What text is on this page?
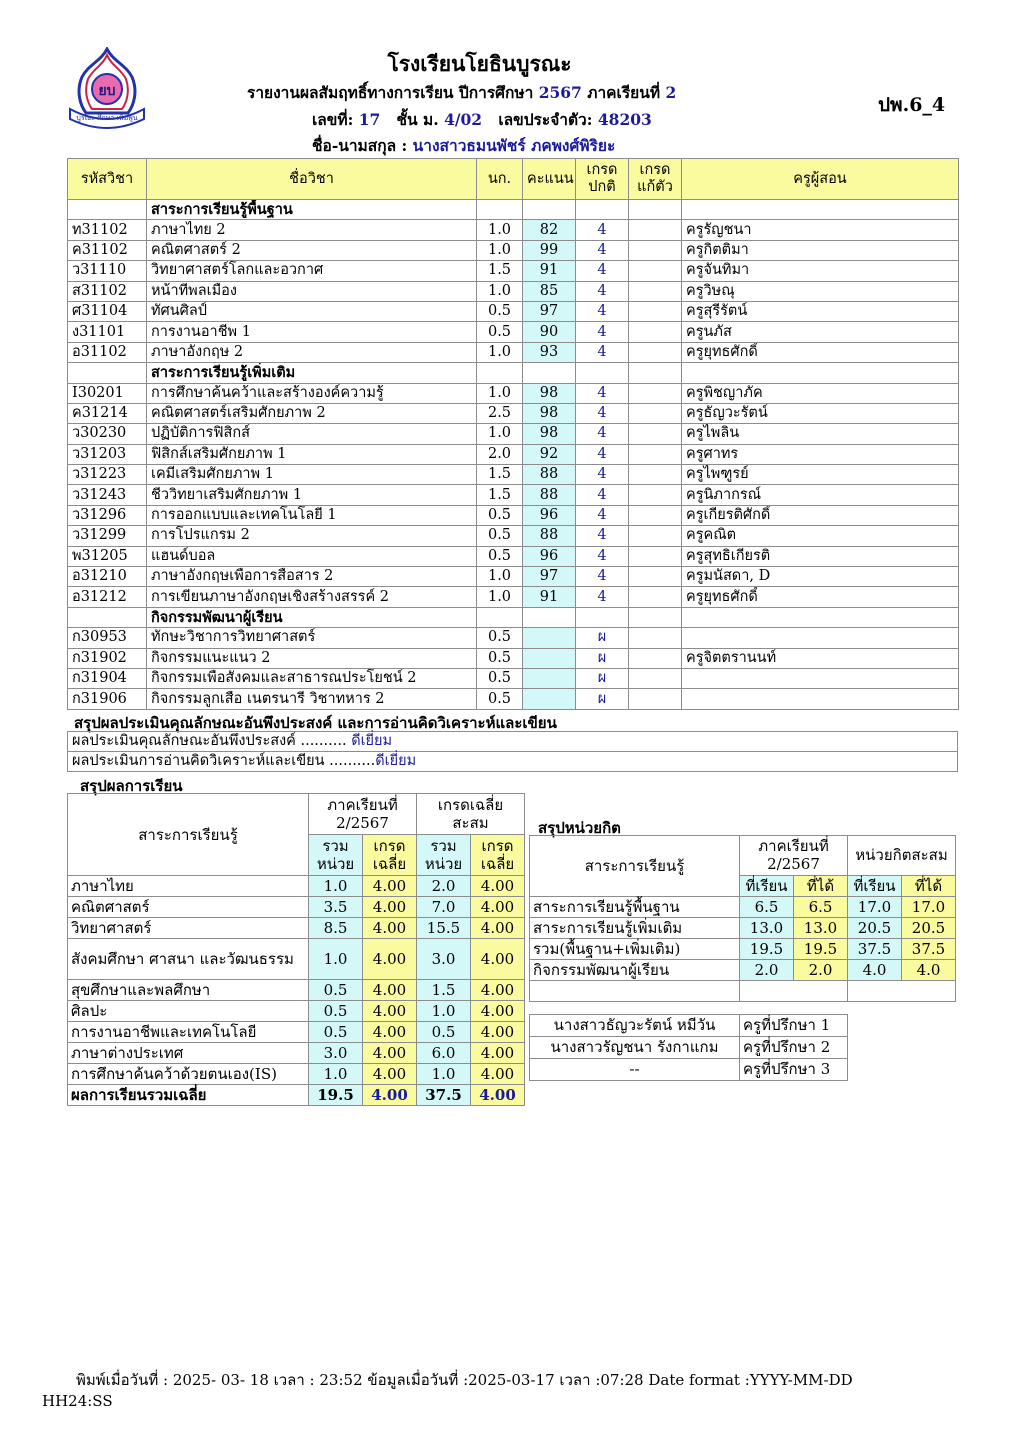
ยบ
บูรณะ ศึกษา เพิ่มพูน
โรงเรียนโยธินบูรณะ
รายงานผลสัมฤทธิ์ทางการเรียน ปีการศึกษา 2567 ภาคเรียนที่ 2
เลขที่: 17 ชั้น ม. 4/02 เลขประจำตัว: 48203
ชื่อ-นามสกุล : นางสาวธมนพัชร์ ภคพงศ์พิริยะ
ปพ.6_4
รหัสวิชา	ชื่อวิชา	นก.	คะแนน	เกรด ปกติ	เกรด แก้ตัว	ครูผู้สอน
	สาระการเรียนรู้พื้นฐาน					
ท31102	ภาษาไทย 2	1.0	82	4		ครูรัญชนา
ค31102	คณิตศาสตร์ 2	1.0	99	4		ครูกิตติมา
ว31110	วิทยาศาสตร์โลกและอวกาศ	1.5	91	4		ครูจันทิมา
ส31102	หน้าที่พลเมือง	1.0	85	4		ครูวิษณุ
ศ31104	ทัศนศิลป์	0.5	97	4		ครูสุรีรัตน์
ง31101	การงานอาชีพ 1	0.5	90	4		ครูนภัส
อ31102	ภาษาอังกฤษ 2	1.0	93	4		ครูยุทธศักดิ์
	สาระการเรียนรู้เพิ่มเติม					
I30201	การศึกษาค้นคว้าและสร้างองค์ความรู้	1.0	98	4		ครูพิชญาภัค
ค31214	คณิตศาสตร์เสริมศักยภาพ 2	2.5	98	4		ครูธัญวะรัตน์
ว30230	ปฏิบัติการฟิสิกส์	1.0	98	4		ครูไพลิน
ว31203	ฟิสิกส์เสริมศักยภาพ 1	2.0	92	4		ครูศาทร
ว31223	เคมีเสริมศักยภาพ 1	1.5	88	4		ครูไพฑูรย์
ว31243	ชีววิทยาเสริมศักยภาพ 1	1.5	88	4		ครูนิภากรณ์
ว31296	การออกแบบและเทคโนโลยี 1	0.5	96	4		ครูเกียรติศักดิ์
ว31299	การโปรแกรม 2	0.5	88	4		ครูคณิต
พ31205	แฮนด์บอล	0.5	96	4		ครูสุทธิเกียรติ
อ31210	ภาษาอังกฤษเพื่อการสื่อสาร 2	1.0	97	4		ครูมนัสดา, D
อ31212	การเขียนภาษาอังกฤษเชิงสร้างสรรค์ 2	1.0	91	4		ครูยุทธศักดิ์
	กิจกรรมพัฒนาผู้เรียน					
ก30953	ทักษะวิชาการวิทยาศาสตร์	0.5		ผ		
ก31902	กิจกรรมแนะแนว 2	0.5		ผ		ครูจิตตรานนท์
ก31904	กิจกรรมเพื่อสังคมและสาธารณประโยชน์ 2	0.5		ผ		
ก31906	กิจกรรมลูกเสือ เนตรนารี วิชาทหาร 2	0.5		ผ		
สรุปผลประเมินคุณลักษณะอันพึงประสงค์ และการอ่านคิดวิเคราะห์และเขียน
ผลประเมินคุณลักษณะอันพึงประสงค์ .......... ดีเยี่ยม
ผลประเมินการอ่านคิดวิเคราะห์และเขียน ..........ดีเยี่ยม
สรุปผลการเรียน
สาระการเรียนรู้	ภาคเรียนที่ 2/2567		เกรดเฉลี่ย สะสม	
	รวม หน่วย	เกรด เฉลี่ย	รวม หน่วย	เกรด เฉลี่ย
ภาษาไทย	1.0	4.00	2.0	4.00
คณิตศาสตร์	3.5	4.00	7.0	4.00
วิทยาศาสตร์	8.5	4.00	15.5	4.00
สังคมศึกษา ศาสนา และวัฒนธรรม	1.0	4.00	3.0	4.00
สุขศึกษาและพลศึกษา	0.5	4.00	1.5	4.00
ศิลปะ	0.5	4.00	1.0	4.00
การงานอาชีพและเทคโนโลยี	0.5	4.00	0.5	4.00
ภาษาต่างประเทศ	3.0	4.00	6.0	4.00
การศึกษาค้นคว้าด้วยตนเอง(IS)	1.0	4.00	1.0	4.00
ผลการเรียนรวมเฉลี่ย	19.5	4.00	37.5	4.00
สรุปหน่วยกิต
สาระการเรียนรู้	ภาคเรียนที่ 2/2567		หน่วยกิตสะสม	
	ที่เรียน	ที่ได้	ที่เรียน	ที่ได้
สาระการเรียนรู้พื้นฐาน	6.5	6.5	17.0	17.0
สาระการเรียนรู้เพิ่มเติม	13.0	13.0	20.5	20.5
รวม(พื้นฐาน+เพิ่มเติม)	19.5	19.5	37.5	37.5
กิจกรรมพัฒนาผู้เรียน	2.0	2.0	4.0	4.0

นางสาวธัญวะรัตน์ หมีวัน	ครูที่ปรึกษา 1
นางสาวรัญชนา รังกาแกม	ครูที่ปรึกษา 2
--	ครูที่ปรึกษา 3
พิมพ์เมื่อวันที่ : 2025- 03- 18 เวลา : 23:52 ข้อมูลเมื่อวันที่ :2025-03-17 เวลา :07:28 Date format :YYYY-MM-DD
HH24:SS
